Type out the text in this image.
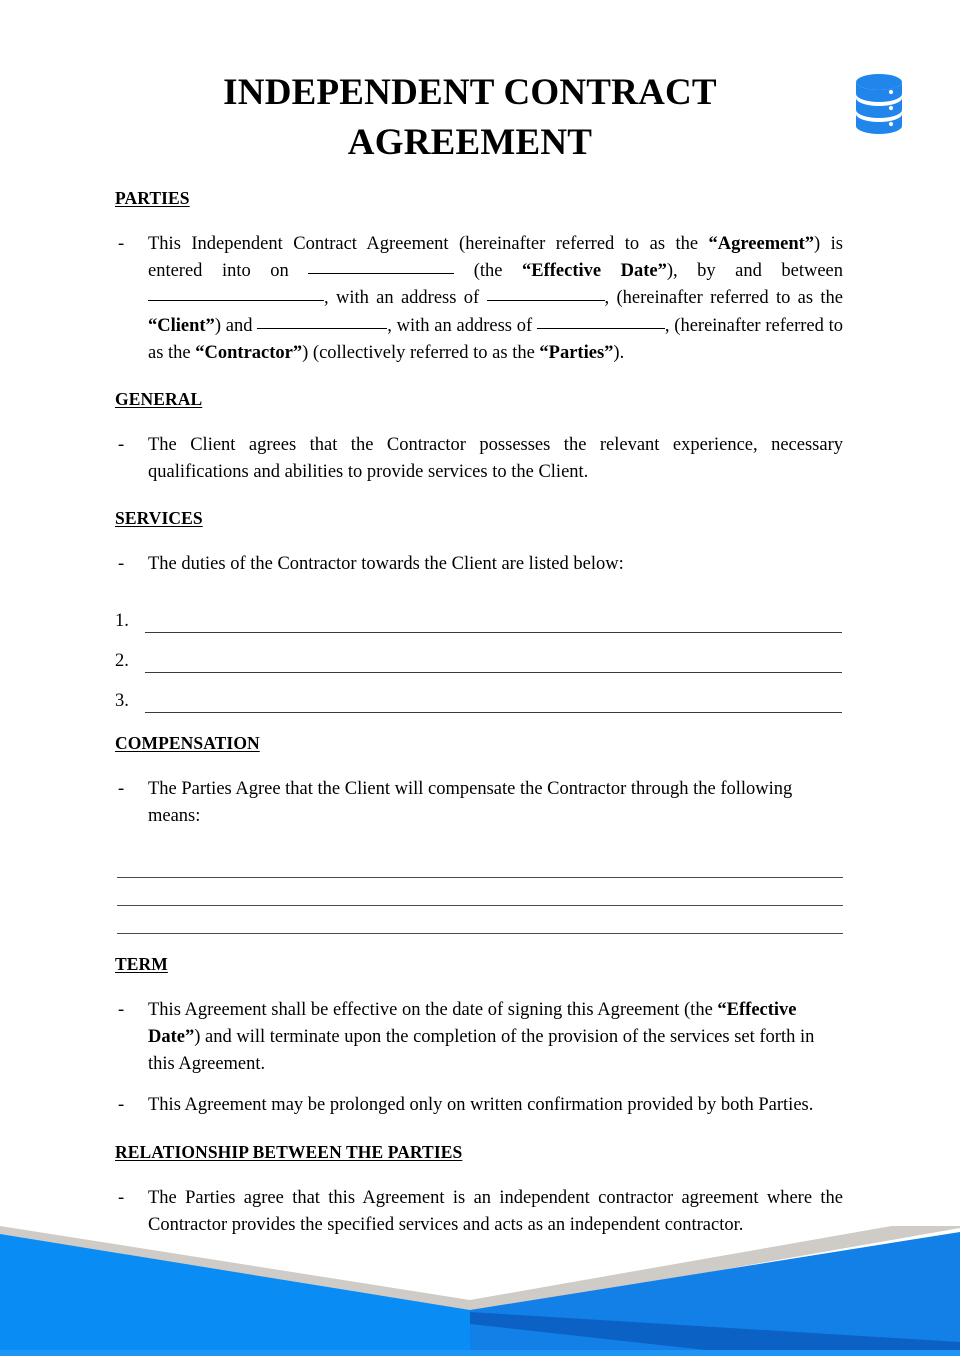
INDEPENDENT CONTRACT
AGREEMENT
PARTIES
-	This Independent Contract Agreement (hereinafter referred to as the “Agreement”) is entered into on	(the “Effective Date”), by and between , with an address of	, (hereinafter referred to as the “Client”) and	, with an address of	, (hereinafter referred to as the “Contractor”) (collectively referred to as the “Parties”).
GENERAL
-	The Client agrees that the Contractor possesses the relevant experience, necessary qualifications and abilities to provide services to the Client.
SERVICES
-	The duties of the Contractor towards the Client are listed below:
1.
2.
3.
COMPENSATION
-	The Parties Agree that the Client will compensate the Contractor through the following means:
TERM
-	This Agreement shall be effective on the date of signing this Agreement (the “Effective Date”) and will terminate upon the completion of the provision of the services set forth in this Agreement.
-	This Agreement may be prolonged only on written confirmation provided by both Parties.
RELATIONSHIP BETWEEN THE PARTIES
-	The Parties agree that this Agreement is an independent contractor agreement where the Contractor provides the specified services and acts as an independent contractor.
